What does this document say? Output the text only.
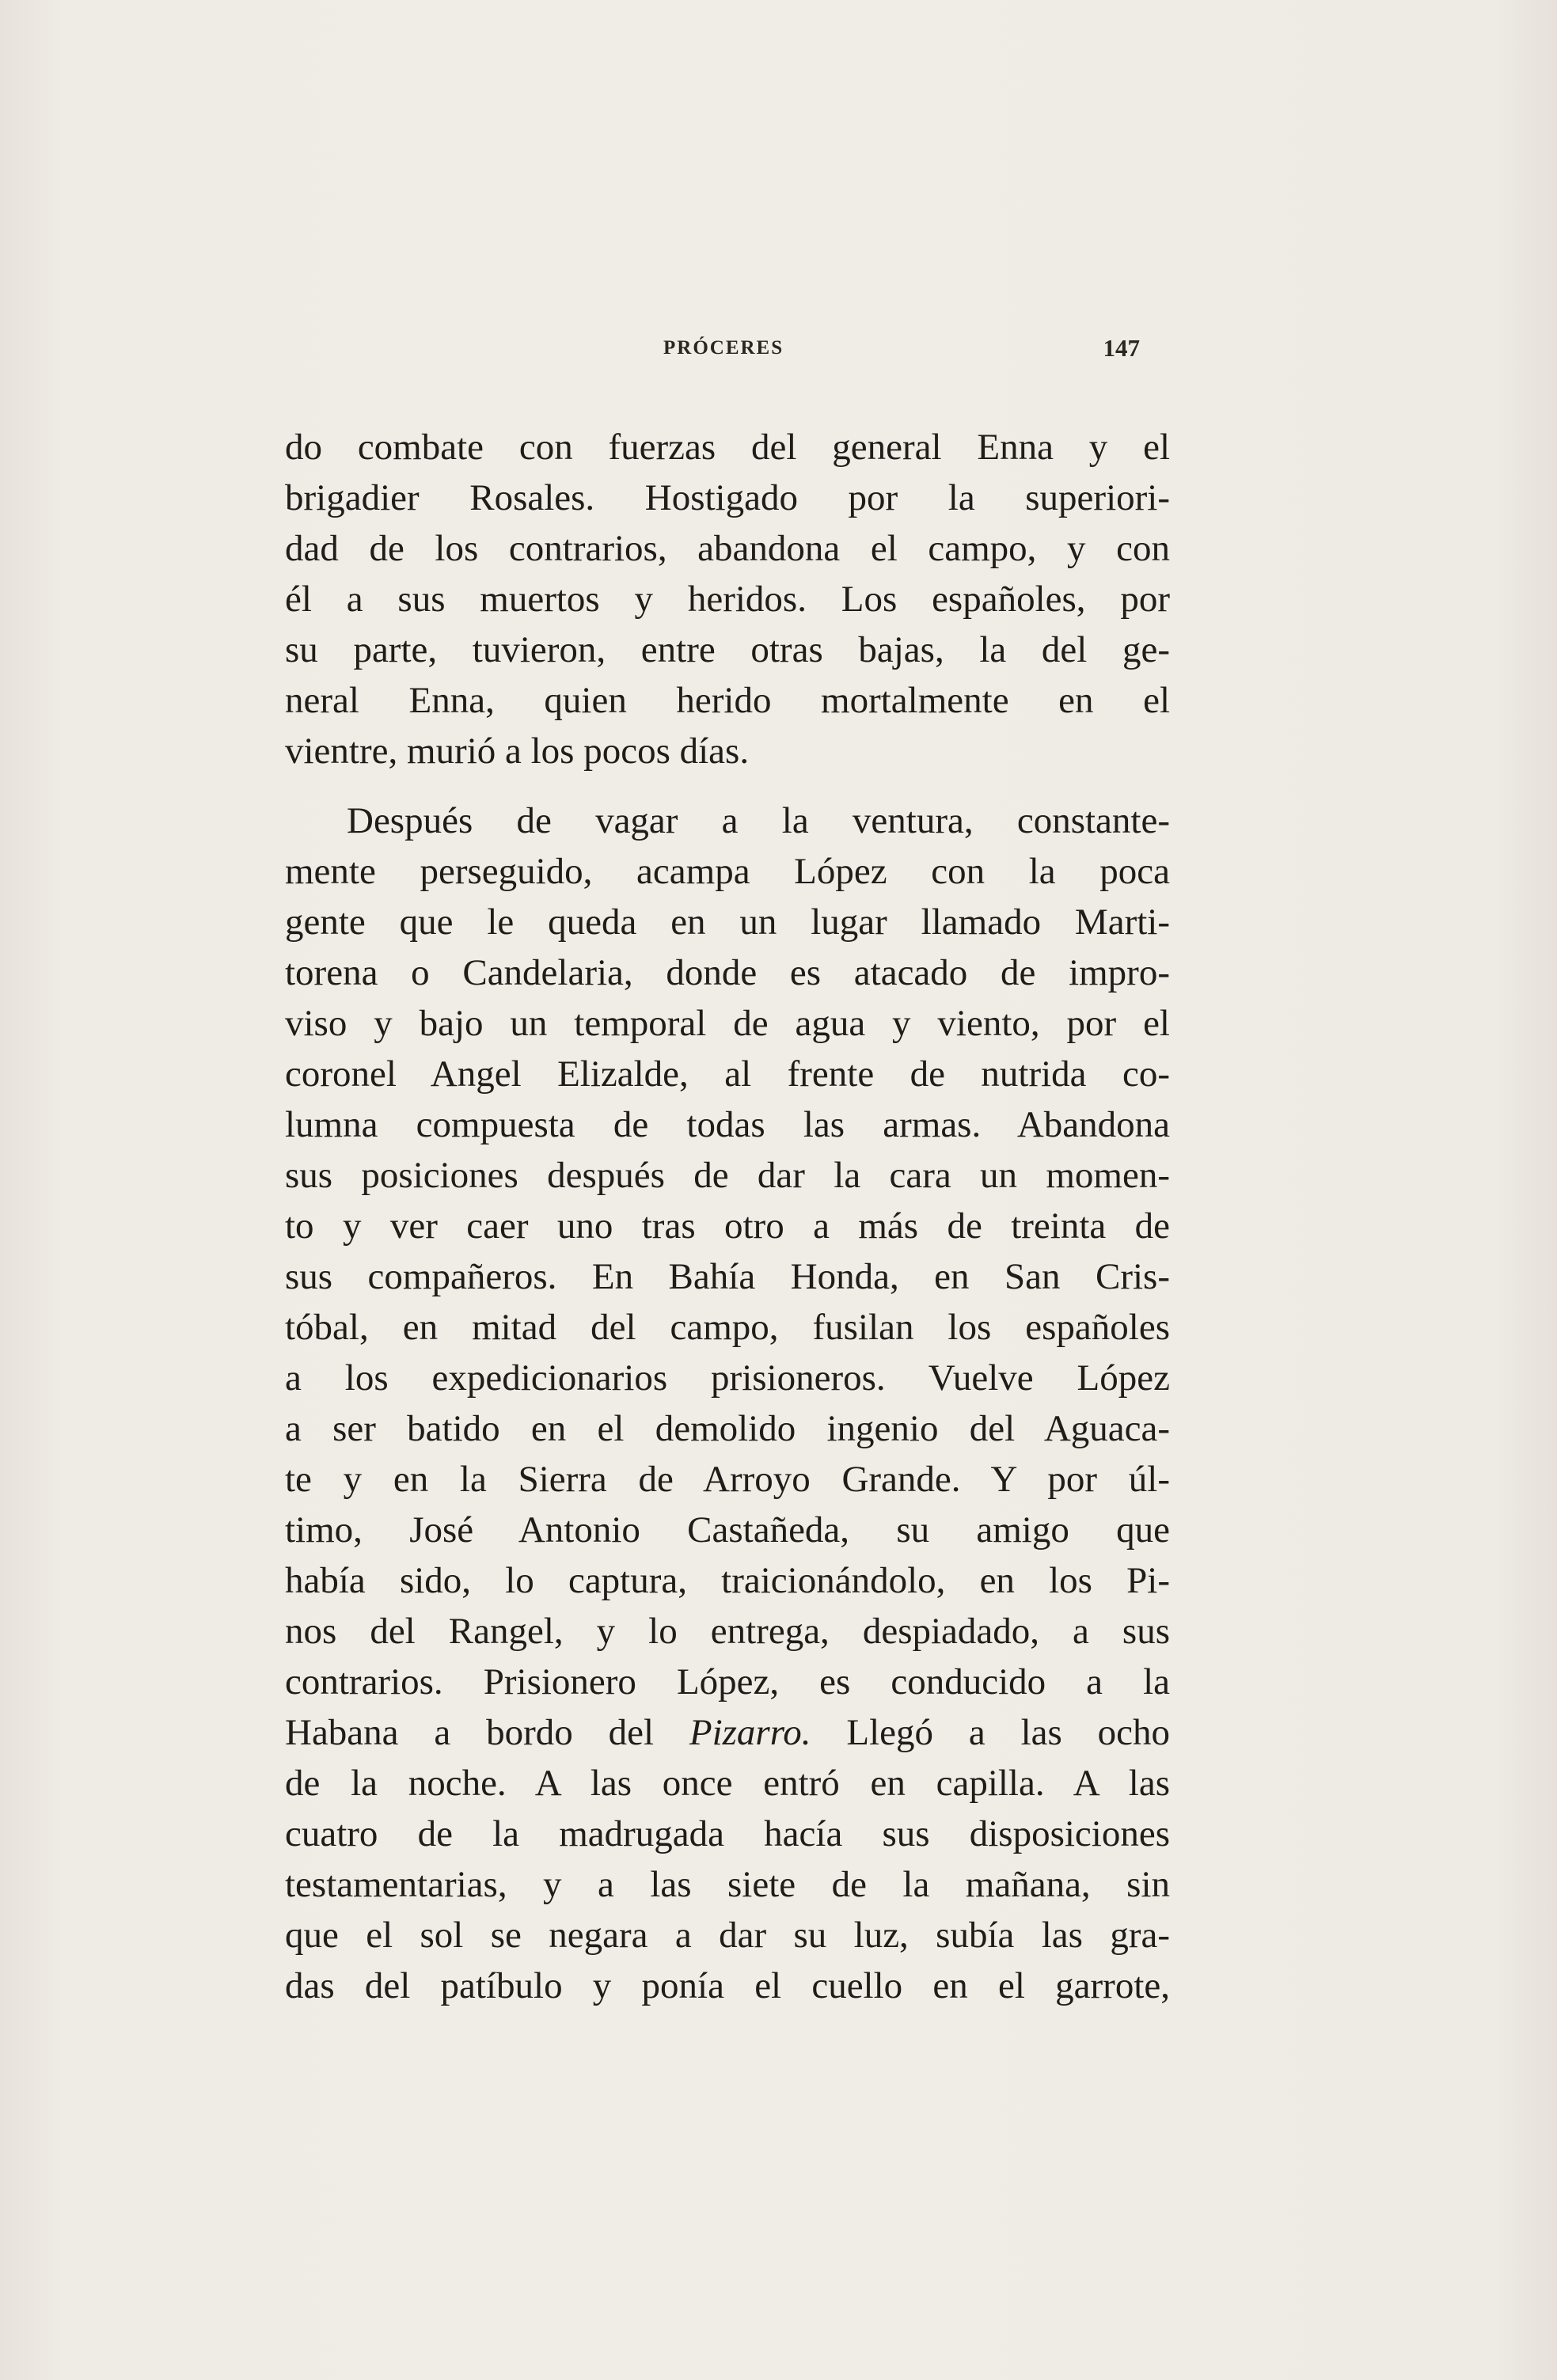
PRÓCERES	147

do combate con fuerzas del general Enna y el
brigadier Rosales. Hostigado por la superiori-
dad de los contrarios, abandona el campo, y con
él a sus muertos y heridos. Los españoles, por
su parte, tuvieron, entre otras bajas, la del ge-
neral Enna, quien herido mortalmente en el
vientre, murió a los pocos días.

Después de vagar a la ventura, constante-
mente perseguido, acampa López con la poca
gente que le queda en un lugar llamado Marti-
torena o Candelaria, donde es atacado de impro-
viso y bajo un temporal de agua y viento, por el
coronel Angel Elizalde, al frente de nutrida co-
lumna compuesta de todas las armas. Abandona
sus posiciones después de dar la cara un momen-
to y ver caer uno tras otro a más de treinta de
sus compañeros. En Bahía Honda, en San Cris-
tóbal, en mitad del campo, fusilan los españoles
a los expedicionarios prisioneros. Vuelve López
a ser batido en el demolido ingenio del Aguaca-
te y en la Sierra de Arroyo Grande. Y por úl-
timo, José Antonio Castañeda, su amigo que
había sido, lo captura, traicionándolo, en los Pi-
nos del Rangel, y lo entrega, despiadado, a sus
contrarios. Prisionero López, es conducido a la
Habana a bordo del Pizarro. Llegó a las ocho
de la noche. A las once entró en capilla. A las
cuatro de la madrugada hacía sus disposiciones
testamentarias, y a las siete de la mañana, sin
que el sol se negara a dar su luz, subía las gra-
das del patíbulo y ponía el cuello en el garrote,
